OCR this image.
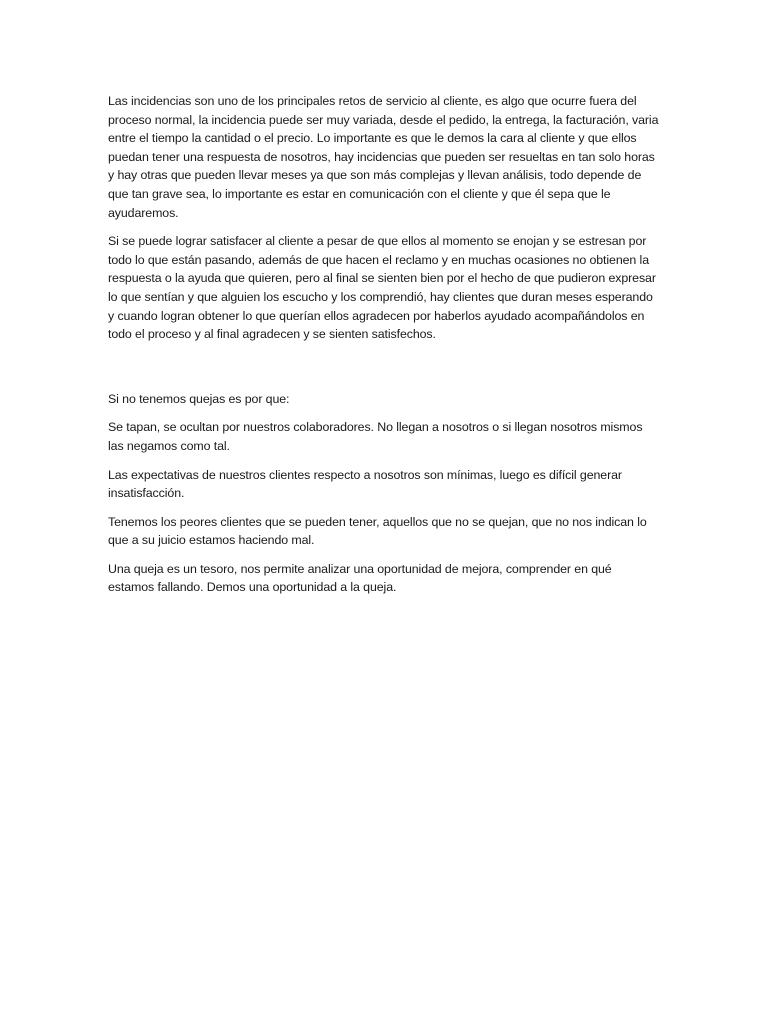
Las incidencias son uno de los principales retos de servicio al cliente, es algo que ocurre fuera del proceso normal, la incidencia puede ser muy variada, desde el pedido, la entrega, la facturación, varia entre el tiempo la cantidad o el precio. Lo importante es que le demos la cara al cliente y que ellos puedan tener una respuesta de nosotros, hay incidencias que pueden ser resueltas en tan solo horas y hay otras que pueden llevar meses ya que son más complejas y llevan análisis, todo depende de que tan grave sea, lo importante es estar en comunicación con el cliente y que él sepa que le ayudaremos.

Si se puede lograr satisfacer al cliente a pesar de que ellos al momento se enojan y se estresan por todo lo que están pasando, además de que hacen el reclamo y en muchas ocasiones no obtienen la respuesta o la ayuda que quieren, pero al final se sienten bien por el hecho de que pudieron expresar lo que sentían y que alguien los escucho y los comprendió, hay clientes que duran meses esperando y cuando logran obtener lo que querían ellos agradecen por haberlos ayudado acompañándolos en todo el proceso y al final agradecen y se sienten satisfechos.

Si no tenemos quejas es por que:

Se tapan, se ocultan por nuestros colaboradores. No llegan a nosotros o si llegan nosotros mismos las negamos como tal.

Las expectativas de nuestros clientes respecto a nosotros son mínimas, luego es difícil generar insatisfacción.

Tenemos los peores clientes que se pueden tener, aquellos que no se quejan, que no nos indican lo que a su juicio estamos haciendo mal.

Una queja es un tesoro, nos permite analizar una oportunidad de mejora, comprender en qué estamos fallando. Demos una oportunidad a la queja.
